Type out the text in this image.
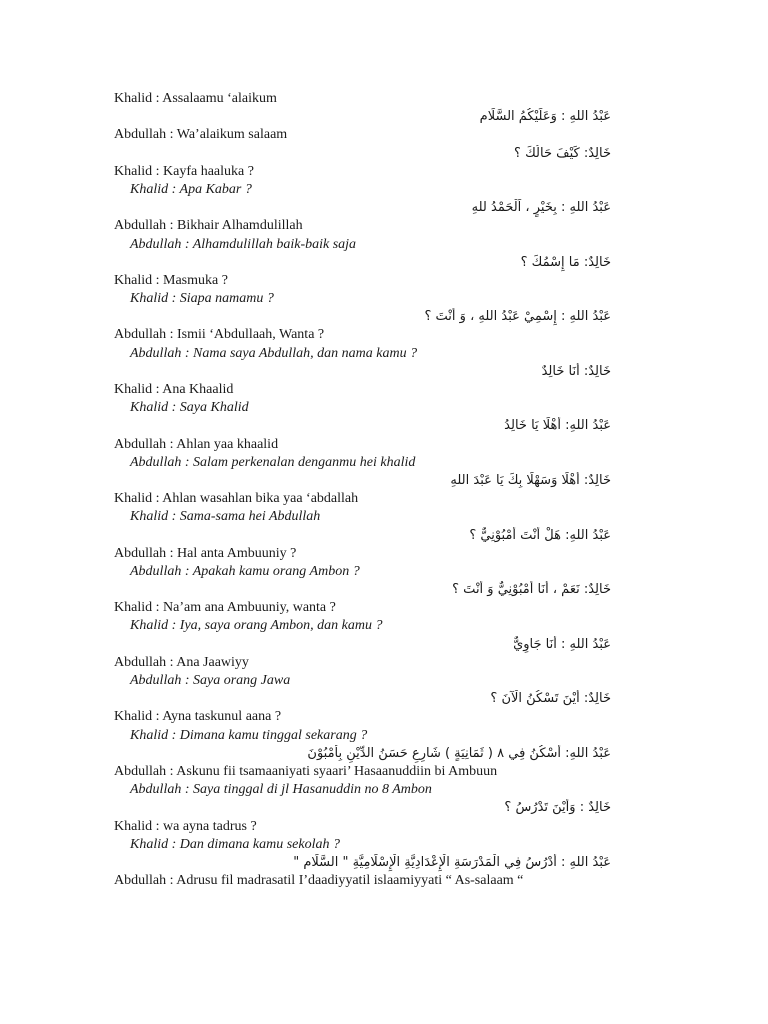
Khalid : Assalaamu ‘alaikum
عَبْدُ اللهِ : وَعَلَيْكُمُ السَّلَام
Abdullah : Wa’alaikum salaam
خَالِدٌ: كَيْفَ حَالُكَ ؟
Khalid : Kayfa haaluka ?
Khalid : Apa Kabar ?
عَبْدُ اللهِ : بِخَيْرٍ ، اَلْحَمْدُ للهِ
Abdullah : Bikhair Alhamdulillah
Abdullah : Alhamdulillah baik-baik saja
خَالِدٌ: مَا إِسْمُكَ ؟
Khalid : Masmuka ?
Khalid : Siapa namamu ?
عَبْدُ اللهِ : إِسْمِيْ عَبْدُ اللهِ ، وَ أَنْتَ ؟
Abdullah : Ismii ‘Abdullaah, Wanta ?
Abdullah : Nama saya Abdullah, dan nama kamu ?
خَالِدٌ: أَنَا خَالِدٌ
Khalid : Ana Khaalid
Khalid : Saya Khalid
عَبْدُ اللهِ: أَهْلًا يَا خَالِدُ
Abdullah : Ahlan yaa khaalid
Abdullah : Salam perkenalan denganmu hei khalid
خَالِدٌ: أَهْلًا وَسَهْلًا بِكَ يَا عَبْدَ اللهِ
Khalid : Ahlan wasahlan bika yaa ‘abdallah
Khalid : Sama-sama hei Abdullah
عَبْدُ اللهِ: هَلْ أَنْتَ أَمْبُوْنِيٌّ ؟
Abdullah : Hal anta Ambuuniy ?
Abdullah : Apakah kamu orang Ambon ?
خَالِدٌ: نَعَمْ ، أَنَا أَمْبُوْنِيٌّ وَ أَنْتَ ؟
Khalid : Na’am ana Ambuuniy, wanta ?
Khalid : Iya, saya orang Ambon, dan kamu ?
عَبْدُ اللهِ : أَنَا جَاوِيٌّ
Abdullah : Ana Jaawiyy
Abdullah : Saya orang Jawa
خَالِدٌ: أَيْنَ تَسْكُنُ الْآنَ ؟
Khalid : Ayna taskunul aana ?
Khalid : Dimana kamu tinggal sekarang ?
عَبْدُ اللهِ: أَسْكُنُ فِي ٨ ( ثَمَانِيَةٍ ) شَارِعِ حَسَنُ الدِّيْنِ بِأَمْبُوْنَ
Abdullah : Askunu fii tsamaaniyati syaari’ Hasaanuddiin bi Ambuun
Abdullah : Saya tinggal di jl Hasanuddin no 8 Ambon
خَالِدٌ : وَأَيْنَ تَدْرُسُ ؟
Khalid : wa ayna tadrus ?
Khalid : Dan dimana kamu sekolah ?
عَبْدُ اللهِ : أَدْرُسُ فِي الْمَدْرَسَةِ الْإِعْدَادِيَّةِ الْإِسْلَامِيَّةِ " السَّلَام "
Abdullah : Adrusu fil madrasatil I’daadiyyatil islaamiyyati “ As-salaam “
